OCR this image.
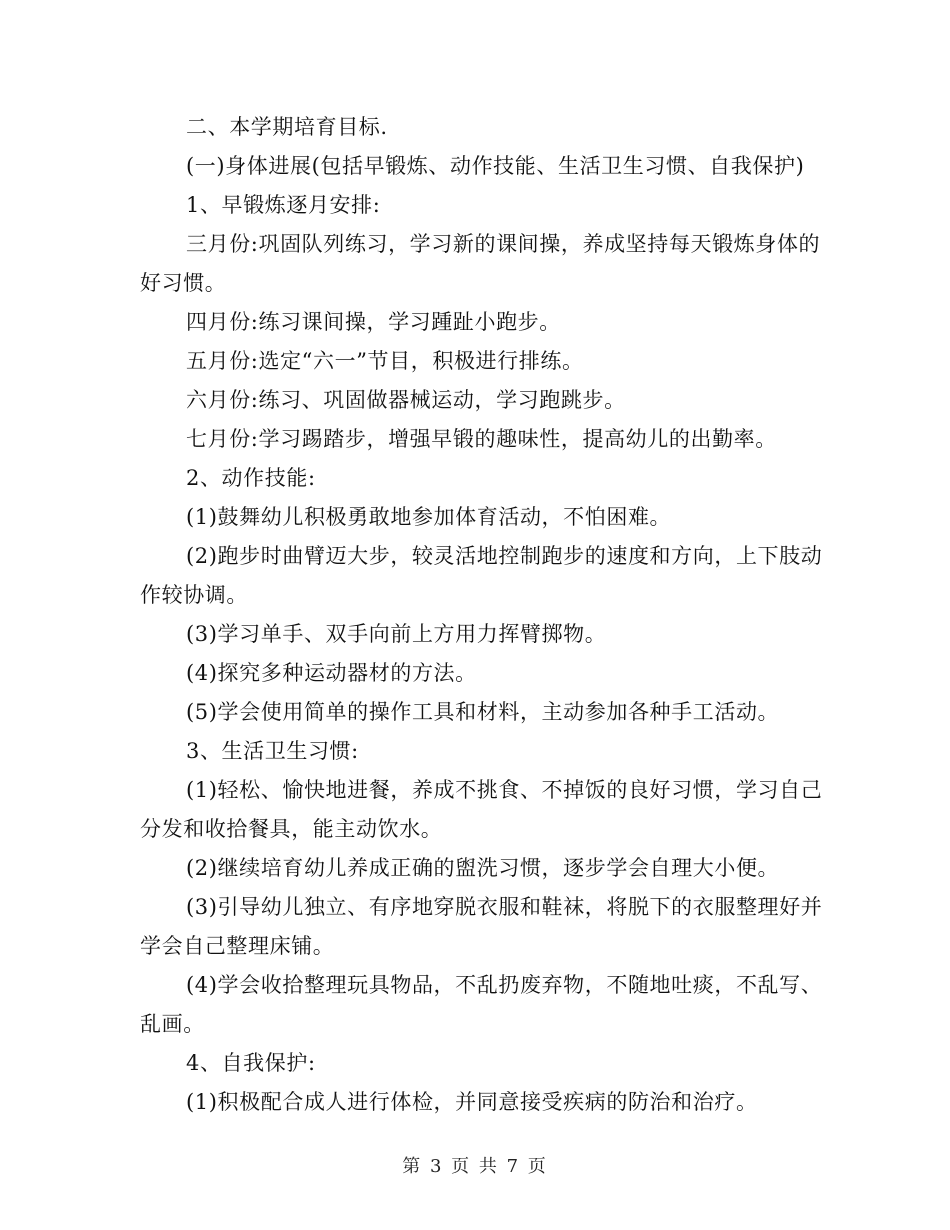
二、本学期培育目标.

(一)身体进展(包括早锻炼、动作技能、生活卫生习惯、自我保护)

1、早锻炼逐月安排:

三月份:巩固队列练习，学习新的课间操，养成坚持每天锻炼身体的好习惯。

四月份:练习课间操，学习踵趾小跑步。

五月份:选定“六一”节目，积极进行排练。

六月份:练习、巩固做器械运动，学习跑跳步。

七月份:学习踢踏步，增强早锻的趣味性，提高幼儿的出勤率。

2、动作技能:

(1)鼓舞幼儿积极勇敢地参加体育活动，不怕困难。

(2)跑步时曲臂迈大步，较灵活地控制跑步的速度和方向，上下肢动作较协调。

(3)学习单手、双手向前上方用力挥臂掷物。

(4)探究多种运动器材的方法。

(5)学会使用简单的操作工具和材料，主动参加各种手工活动。

3、生活卫生习惯:

(1)轻松、愉快地进餐，养成不挑食、不掉饭的良好习惯，学习自己分发和收拾餐具，能主动饮水。

(2)继续培育幼儿养成正确的盥洗习惯，逐步学会自理大小便。

(3)引导幼儿独立、有序地穿脱衣服和鞋袜，将脱下的衣服整理好并学会自己整理床铺。

(4)学会收拾整理玩具物品，不乱扔废弃物，不随地吐痰，不乱写、乱画。

4、自我保护:

(1)积极配合成人进行体检，并同意接受疾病的防治和治疗。

第 3 页 共 7 页
